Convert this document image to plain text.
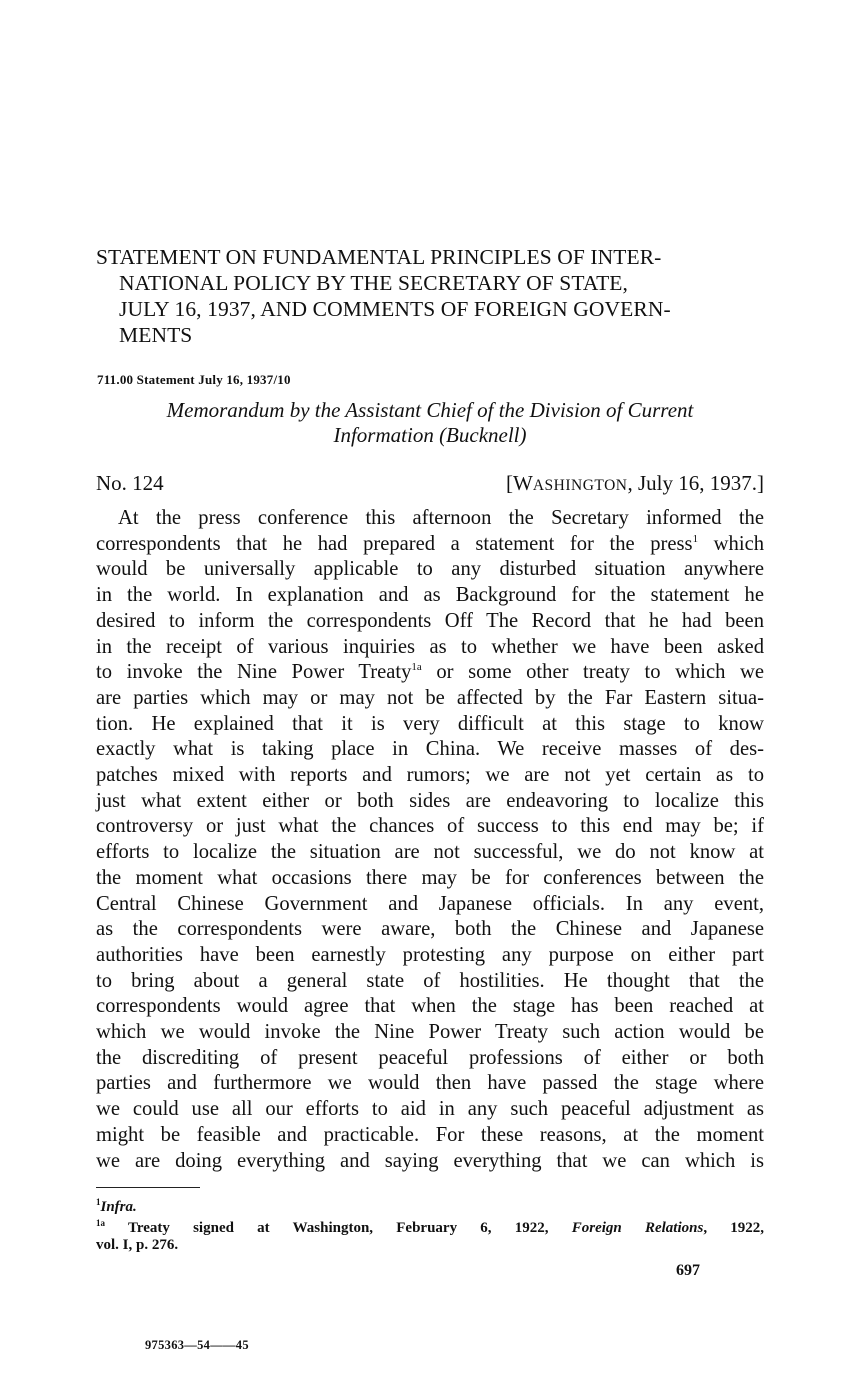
STATEMENT ON FUNDAMENTAL PRINCIPLES OF INTER-
NATIONAL POLICY BY THE SECRETARY OF STATE,
JULY 16, 1937, AND COMMENTS OF FOREIGN GOVERN-
MENTS
711.00 Statement July 16, 1937/10
Memorandum by the Assistant Chief of the Division of Current
Information (Bucknell)
No. 124	[WASHINGTON, July 16, 1937.]
At the press conference this afternoon the Secretary informed the
correspondents that he had prepared a statement for the press$^1$ which
would be universally applicable to any disturbed situation anywhere
in the world. In explanation and as Background for the statement he
desired to inform the correspondents Off The Record that he had been
in the receipt of various inquiries as to whether we have been asked
to invoke the Nine Power Treaty$^{1a}$ or some other treaty to which we
are parties which may or may not be affected by the Far Eastern situa-
tion. He explained that it is very difficult at this stage to know
exactly what is taking place in China. We receive masses of des-
patches mixed with reports and rumors; we are not yet certain as to
just what extent either or both sides are endeavoring to localize this
controversy or just what the chances of success to this end may be; if
efforts to localize the situation are not successful, we do not know at
the moment what occasions there may be for conferences between the
Central Chinese Government and Japanese officials. In any event,
as the correspondents were aware, both the Chinese and Japanese
authorities have been earnestly protesting any purpose on either part
to bring about a general state of hostilities. He thought that the
correspondents would agree that when the stage has been reached at
which we would invoke the Nine Power Treaty such action would be
the discrediting of present peaceful professions of either or both
parties and furthermore we would then have passed the stage where
we could use all our efforts to aid in any such peaceful adjustment as
might be feasible and practicable. For these reasons, at the moment
we are doing everything and saying everything that we can which is
$^1$Infra.
$^{1a}$ Treaty signed at Washington, February 6, 1922, Foreign Relations, 1922,
vol. I, p. 276.
697
975363—54——45
